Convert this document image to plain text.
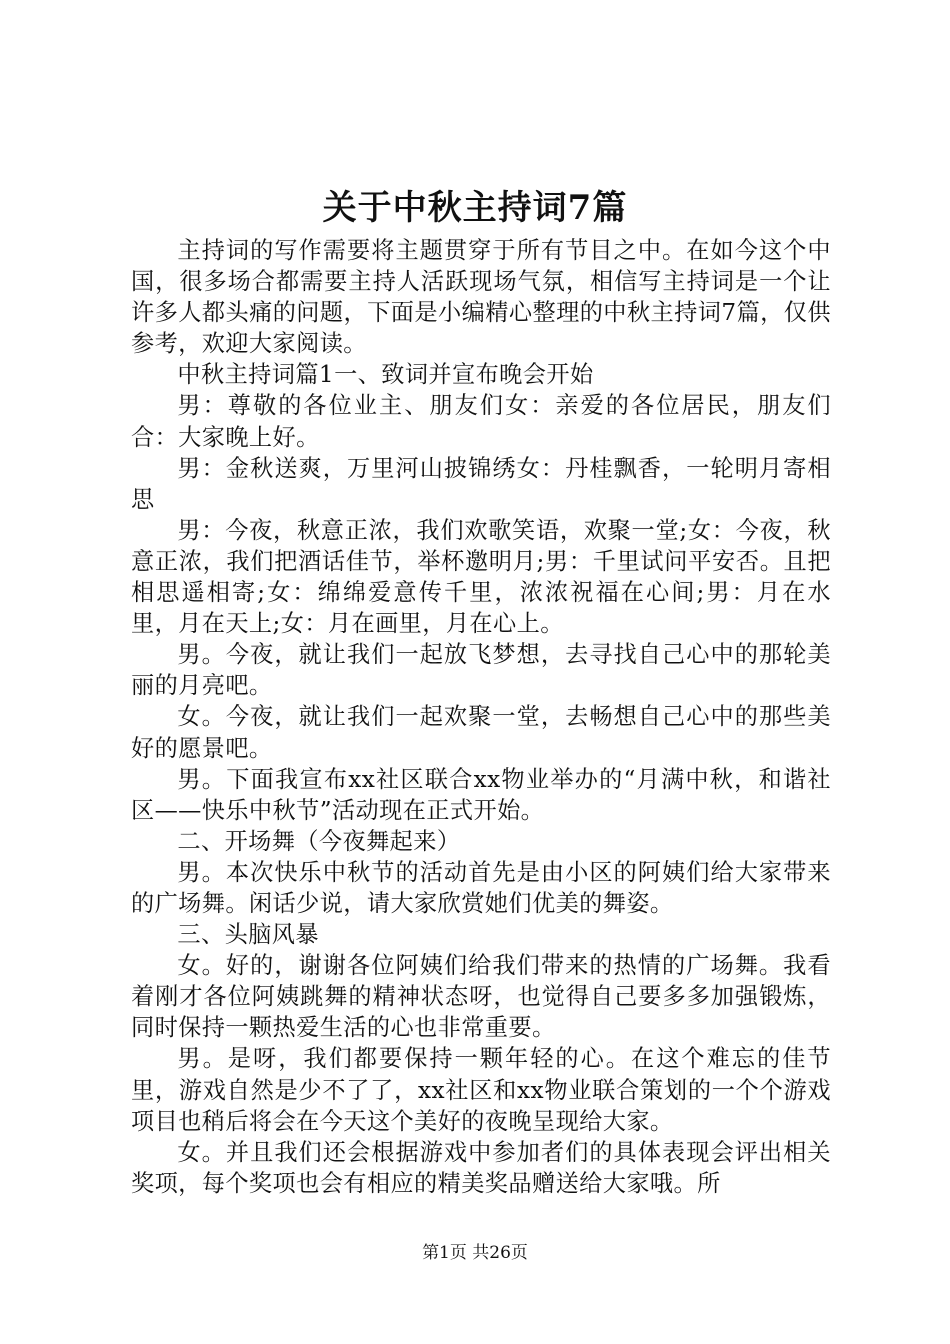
关于中秋主持词7篇

主持词的写作需要将主题贯穿于所有节目之中。在如今这个中国，很多场合都需要主持人活跃现场气氛，相信写主持词是一个让许多人都头痛的问题，下面是小编精心整理的中秋主持词7篇，仅供参考，欢迎大家阅读。

中秋主持词篇1一、致词并宣布晚会开始

男：尊敬的各位业主、朋友们女：亲爱的各位居民，朋友们合：大家晚上好。

男：金秋送爽，万里河山披锦绣女：丹桂飘香，一轮明月寄相思

男：今夜，秋意正浓，我们欢歌笑语，欢聚一堂;女：今夜，秋意正浓，我们把酒话佳节，举杯邀明月;男：千里试问平安否。且把相思遥相寄;女：绵绵爱意传千里，浓浓祝福在心间;男：月在水里，月在天上;女：月在画里，月在心上。

男。今夜，就让我们一起放飞梦想，去寻找自己心中的那轮美丽的月亮吧。

女。今夜，就让我们一起欢聚一堂，去畅想自己心中的那些美好的愿景吧。

男。下面我宣布xx社区联合xx物业举办的“月满中秋，和谐社区——快乐中秋节”活动现在正式开始。

二、开场舞（今夜舞起来）

男。本次快乐中秋节的活动首先是由小区的阿姨们给大家带来的广场舞。闲话少说，请大家欣赏她们优美的舞姿。

三、头脑风暴

女。好的，谢谢各位阿姨们给我们带来的热情的广场舞。我看着刚才各位阿姨跳舞的精神状态呀，也觉得自己要多多加强锻炼，同时保持一颗热爱生活的心也非常重要。

男。是呀，我们都要保持一颗年轻的心。在这个难忘的佳节里，游戏自然是少不了了，xx社区和xx物业联合策划的一个个游戏项目也稍后将会在今天这个美好的夜晚呈现给大家。

女。并且我们还会根据游戏中参加者们的具体表现会评出相关奖项，每个奖项也会有相应的精美奖品赠送给大家哦。所

第1页 共26页
